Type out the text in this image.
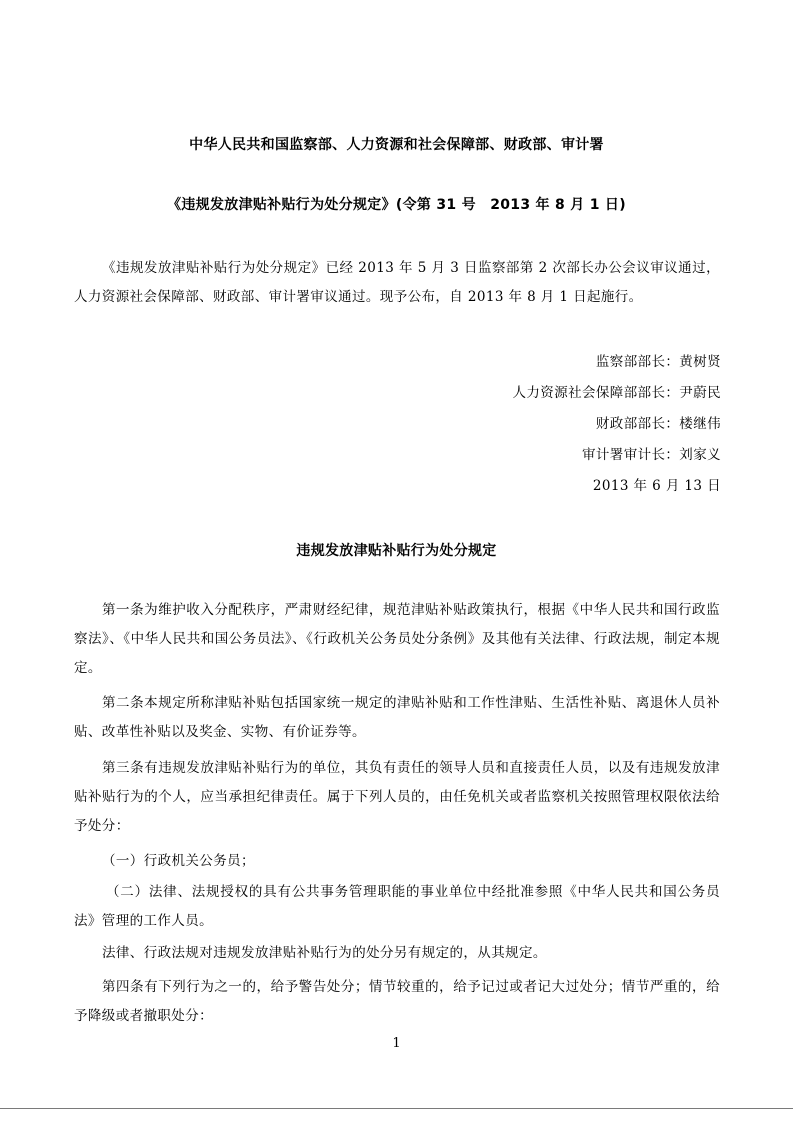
中华人民共和国监察部、人力资源和社会保障部、财政部、审计署
《违规发放津贴补贴行为处分规定》(令第 31 号　2013 年 8 月 1 日)
《违规发放津贴补贴行为处分规定》已经 2013 年 5 月 3 日监察部第 2 次部长办公会议审议通过，人力资源社会保障部、财政部、审计署审议通过。现予公布，自 2013 年 8 月 1 日起施行。
监察部部长：黄树贤
人力资源社会保障部部长：尹蔚民
财政部部长：楼继伟
审计署审计长：刘家义
2013 年 6 月 13 日
违规发放津贴补贴行为处分规定
第一条为维护收入分配秩序，严肃财经纪律，规范津贴补贴政策执行，根据《中华人民共和国行政监察法》、《中华人民共和国公务员法》、《行政机关公务员处分条例》及其他有关法律、行政法规，制定本规定。
第二条本规定所称津贴补贴包括国家统一规定的津贴补贴和工作性津贴、生活性补贴、离退休人员补贴、改革性补贴以及奖金、实物、有价证券等。
第三条有违规发放津贴补贴行为的单位，其负有责任的领导人员和直接责任人员，以及有违规发放津贴补贴行为的个人，应当承担纪律责任。属于下列人员的，由任免机关或者监察机关按照管理权限依法给予处分：
（一）行政机关公务员；
（二）法律、法规授权的具有公共事务管理职能的事业单位中经批准参照《中华人民共和国公务员法》管理的工作人员。
法律、行政法规对违规发放津贴补贴行为的处分另有规定的，从其规定。
第四条有下列行为之一的，给予警告处分；情节较重的，给予记过或者记大过处分；情节严重的，给予降级或者撤职处分：
1
